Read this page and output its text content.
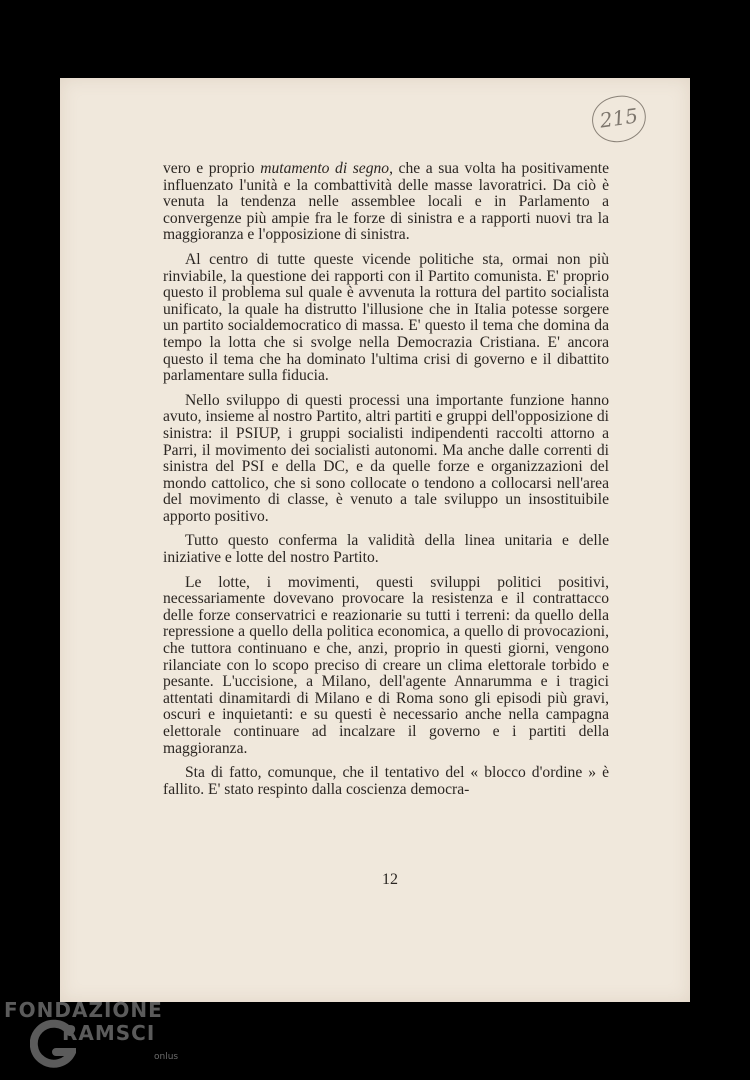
215

vero e proprio mutamento di segno, che a sua volta ha positivamente influenzato l'unità e la combattività delle masse lavoratrici. Da ciò è venuta la tendenza nelle assemblee locali e in Parlamento a convergenze più ampie fra le forze di sinistra e a rapporti nuovi tra la maggioranza e l'opposizione di sinistra.

Al centro di tutte queste vicende politiche sta, ormai non più rinviabile, la questione dei rapporti con il Partito comunista. E' proprio questo il problema sul quale è avvenuta la rottura del partito socialista unificato, la quale ha distrutto l'illusione che in Italia potesse sorgere un partito socialdemocratico di massa. E' questo il tema che domina da tempo la lotta che si svolge nella Democrazia Cristiana. E' ancora questo il tema che ha dominato l'ultima crisi di governo e il dibattito parlamentare sulla fiducia.

Nello sviluppo di questi processi una importante funzione hanno avuto, insieme al nostro Partito, altri partiti e gruppi dell'opposizione di sinistra: il PSIUP, i gruppi socialisti indipendenti raccolti attorno a Parri, il movimento dei socialisti autonomi. Ma anche dalle correnti di sinistra del PSI e della DC, e da quelle forze e organizzazioni del mondo cattolico, che si sono collocate o tendono a collocarsi nell'area del movimento di classe, è venuto a tale sviluppo un insostituibile apporto positivo.

Tutto questo conferma la validità della linea unitaria e delle iniziative e lotte del nostro Partito.

Le lotte, i movimenti, questi sviluppi politici positivi, necessariamente dovevano provocare la resistenza e il contrattacco delle forze conservatrici e reazionarie su tutti i terreni: da quello della repressione a quello della politica economica, a quello di provocazioni, che tuttora continuano e che, anzi, proprio in questi giorni, vengono rilanciate con lo scopo preciso di creare un clima elettorale torbido e pesante. L'uccisione, a Milano, dell'agente Annarumma e i tragici attentati dinamitardi di Milano e di Roma sono gli episodi più gravi, oscuri e inquietanti: e su questi è necessario anche nella campagna elettorale continuare ad incalzare il governo e i partiti della maggioranza.

Sta di fatto, comunque, che il tentativo del « blocco d'ordine » è fallito. E' stato respinto dalla coscienza democra-

12
FONDAZIONE
RAMSCI
onlus
